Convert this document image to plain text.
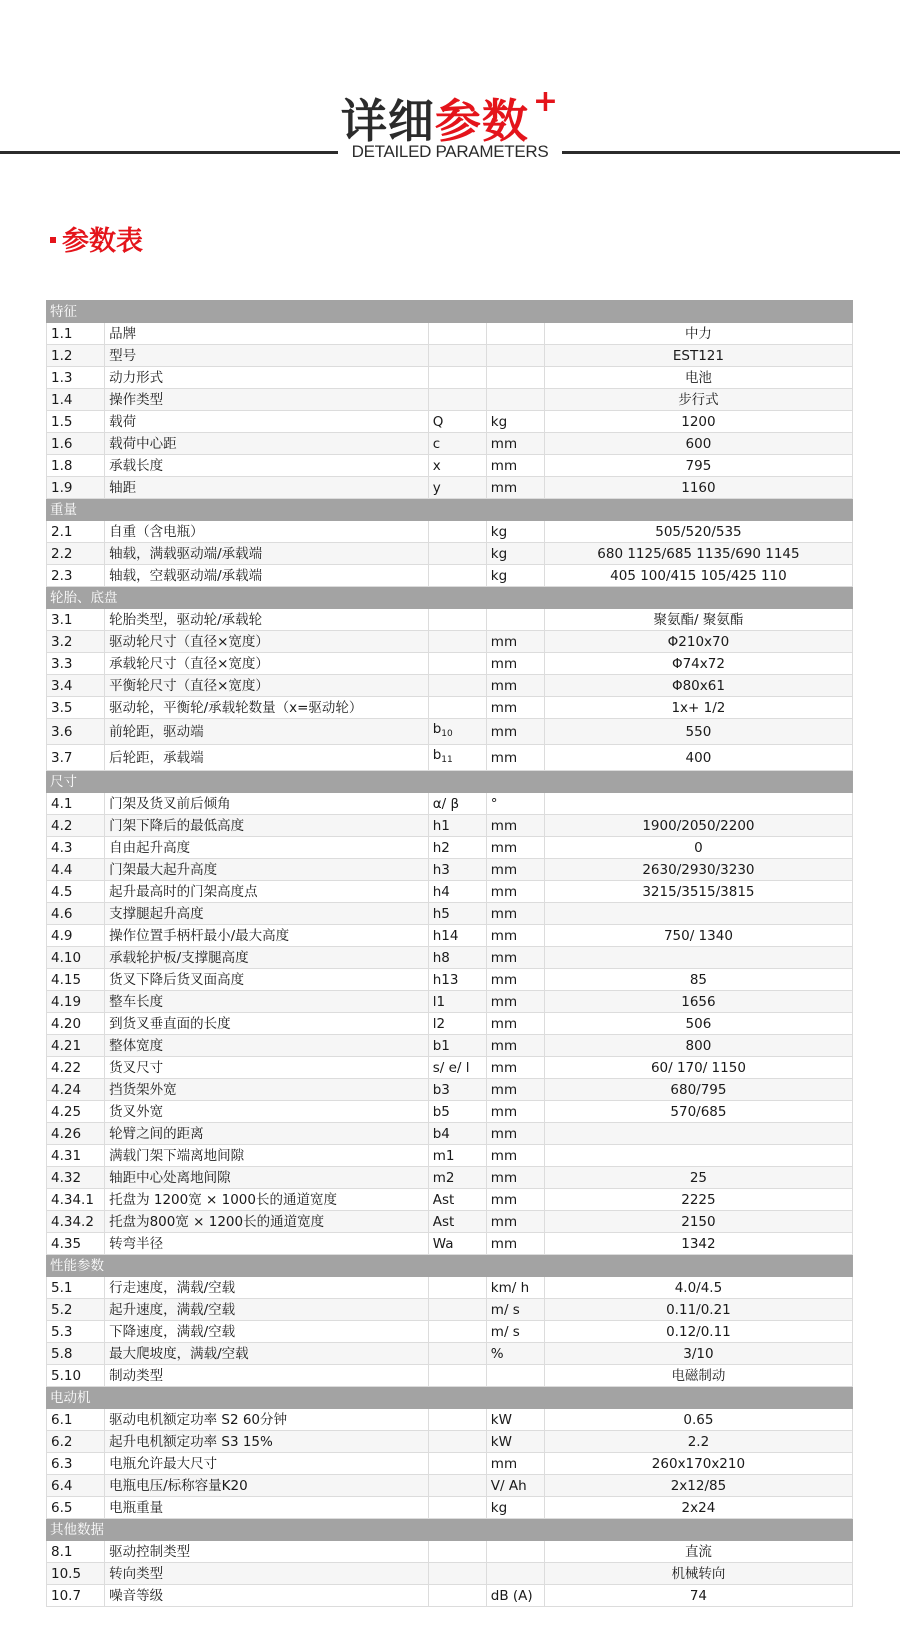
详细参数 +
DETAILED PARAMETERS
参数表
特征				
1.1	品牌			中力
1.2	型号			EST121
1.3	动力形式			电池
1.4	操作类型			步行式
1.5	载荷	Q	kg	1200
1.6	载荷中心距	c	mm	600
1.8	承载长度	x	mm	795
1.9	轴距	y	mm	1160
重量				
2.1	自重（含电瓶）		kg	505/520/535
2.2	轴载，满载驱动端/承载端		kg	680 1125/685 1135/690 1145
2.3	轴载，空载驱动端/承载端		kg	405 100/415 105/425 110
轮胎、底盘				
3.1	轮胎类型，驱动轮/承载轮			聚氨酯/ 聚氨酯
3.2	驱动轮尺寸（直径×宽度）		mm	Φ210x70
3.3	承载轮尺寸（直径×宽度）		mm	Φ74x72
3.4	平衡轮尺寸（直径×宽度）		mm	Φ80x61
3.5	驱动轮，平衡轮/承载轮数量（x=驱动轮）		mm	1x+ 1/2
3.6	前轮距，驱动端	$b_{10}$	mm	550
3.7	后轮距，承载端	$b_{11}$	mm	400
尺寸				
4.1	门架及货叉前后倾角	α/ β	°	
4.2	门架下降后的最低高度	h1	mm	1900/2050/2200
4.3	自由起升高度	h2	mm	0
4.4	门架最大起升高度	h3	mm	2630/2930/3230
4.5	起升最高时的门架高度点	h4	mm	3215/3515/3815
4.6	支撑腿起升高度	h5	mm	
4.9	操作位置手柄杆最小/最大高度	h14	mm	750/ 1340
4.10	承载轮护板/支撑腿高度	h8	mm	
4.15	货叉下降后货叉面高度	h13	mm	85
4.19	整车长度	l1	mm	1656
4.20	到货叉垂直面的长度	l2	mm	506
4.21	整体宽度	b1	mm	800
4.22	货叉尺寸	s/ e/ l	mm	60/ 170/ 1150
4.24	挡货架外宽	b3	mm	680/795
4.25	货叉外宽	b5	mm	570/685
4.26	轮臂之间的距离	b4	mm	
4.31	满载门架下端离地间隙	m1	mm	
4.32	轴距中心处离地间隙	m2	mm	25
4.34.1	托盘为 1200宽 × 1000长的通道宽度	Ast	mm	2225
4.34.2	托盘为800宽 × 1200长的通道宽度	Ast	mm	2150
4.35	转弯半径	Wa	mm	1342
性能参数				
5.1	行走速度，满载/空载		km/ h	4.0/4.5
5.2	起升速度，满载/空载		m/ s	0.11/0.21
5.3	下降速度，满载/空载		m/ s	0.12/0.11
5.8	最大爬坡度，满载/空载		%	3/10
5.10	制动类型			电磁制动
电动机				
6.1	驱动电机额定功率 S2 60分钟		kW	0.65
6.2	起升电机额定功率 S3 15%		kW	2.2
6.3	电瓶允许最大尺寸		mm	260x170x210
6.4	电瓶电压/标称容量K20		V/ Ah	2x12/85
6.5	电瓶重量		kg	2x24
其他数据				
8.1	驱动控制类型			直流
10.5	转向类型			机械转向
10.7	噪音等级		dB (A)	74
